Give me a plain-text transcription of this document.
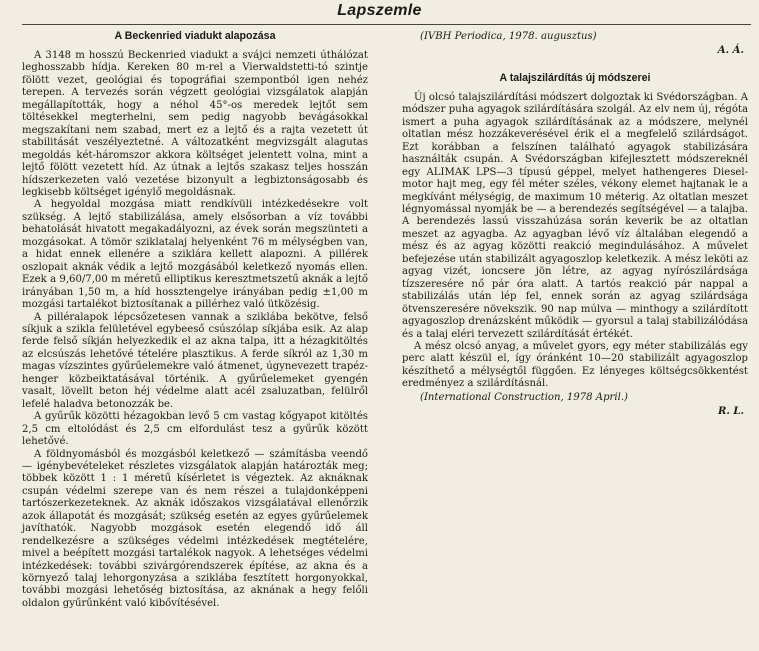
Lapszemle
A Beckenried viadukt alapozása

A 3148 m hosszú Beckenried viadukt a svájci nemzeti úthálózat leghosszabb hídja. Kereken 80 m-rel a Vierwaldstetti-tó szintje fölött vezet, geológiai és topográfiai szempontból igen nehéz terepen. A tervezés során végzett geológiai vizsgálatok alapján megállapították, hogy a néhol 45°-os meredek lejtőt sem töltésekkel megterhelni, sem pedig nagyobb bevágásokkal megszakítani nem szabad, mert ez a lejtő és a rajta vezetett út stabilitását veszélyeztetné. A változatként megvizsgált alagutas megoldás két-háromszor akkora költséget jelentett volna, mint a lejtő fölött vezetett híd. Az útnak a lejtős szakasz teljes hosszán hídszerkezeten való vezetése bizonyult a legbiztonságosabb és legkisebb költséget igénylő megoldásnak.

A hegyoldal mozgása miatt rendkívüli intézkedésekre volt szükség. A lejtő stabilizálása, amely elsősorban a víz további behatolását hivatott megakadályozni, az évek során megszünteti a mozgásokat. A tömör sziklatalaj helyenként 76 m mélységben van, a hidat ennek ellenére a sziklára kellett alapozni. A pillérek oszlopait aknák védik a lejtő mozgásából keletkező nyomás ellen. Ezek a 9,60/7,00 m méretű elliptikus keresztmetszetű aknák a lejtő irányában 1,50 m, a híd hossztengelye irányában pedig ±1,00 m mozgási tartalékot biztosítanak a pillérhez való ütközésig.

A pilléralapok lépcsőzetesen vannak a sziklába bekötve, felső síkjuk a szikla felületével egybeeső csúszólap síkjába esik. Az alap ferde felső síkján helyezkedik el az akna talpa, itt a hézagkitöltés az elcsúszás lehetővé tételére plasztikus. A ferde síkról az 1,30 m magas vízszintes gyűrűelemekre való átmenet, úgynevezett trapéz-henger közbeiktatásával történik. A gyűrűelemeket gyengén vasalt, lövellt beton héj védelme alatt acél zsaluzatban, felülről lefelé haladva betonozzák be.

A gyűrűk közötti hézagokban levő 5 cm vastag kőgyapot kitöltés 2,5 cm eltolódást és 2,5 cm elfordulást tesz a gyűrűk között lehetővé.

A földnyomásból és mozgásból keletkező — számításba veendő — igénybevételeket részletes vizsgálatok alapján határozták meg; többek között 1 : 1 méretű kísérletet is végeztek. Az aknáknak csupán védelmi szerepe van és nem részei a tulajdonképpeni tartószerkezeteknek. Az aknák időszakos vizsgálatával ellenőrzik azok állapotát és mozgását; szükség esetén az egyes gyűrűelemek javíthatók. Nagyobb mozgások esetén elegendő idő áll rendelkezésre a szükséges védelmi intézkedések megtételére, mivel a beépített mozgási tartalékok nagyok. A lehetséges védelmi intézkedések: további szivárgórendszerek építése, az akna és a környező talaj lehorgonyzása a sziklába fesztített horgonyokkal, további mozgási lehetőség biztosítása, az aknának a hegy felőli oldalon gyűrűnként való kibővítésével.

(IVBH Periodica, 1978. augusztus)

A. Á.
A talajszilárdítás új módszerei

Új olcsó talajszilárdítási módszert dolgoztak ki Svédországban. A módszer puha agyagok szilárdítására szolgál. Az elv nem új, régóta ismert a puha agyagok szilárdításának az a módszere, melynél oltatlan mész hozzákeverésével érik el a megfelelő szilárdságot. Ezt korábban a felszínen található agyagok stabilizására használták csupán. A Svédországban kifejlesztett módszereknél egy ALIMAK LPS—3 típusú géppel, melyet hathengeres Diesel-motor hajt meg, egy fél méter széles, vékony elemet hajtanak le a megkívánt mélységig, de maximum 10 méterig. Az oltatlan meszet légnyomással nyomják be — a berendezés segítségével — a talajba. A berendezés lassú visszahúzása során keverik be az oltatlan meszet az agyagba. Az agyagban lévő víz általában elegendő a mész és az agyag közötti reakció megindulásához. A művelet befejezése után stabilizált agyagoszlop keletkezik. A mész leköti az agyag vizét, ioncsere jön létre, az agyag nyírószilárdsága tízszeresére nő pár óra alatt. A tartós reakció pár nappal a stabilizálás után lép fel, ennek során az agyag szilárdsága ötvenszeresére növekszik. 90 nap múlva — minthogy a szilárdított agyagoszlop drenázsként működik — gyorsul a talaj stabilizálódása és a talaj eléri tervezett szilárdítását értékét.

A mész olcsó anyag, a művelet gyors, egy méter stabilizálás egy perc alatt készül el, így óránként 10—20 stabilizált agyagoszlop készíthető a mélységtől függően. Ez lényeges költségcsökkentést eredményez a szilárdításnál.

(International Construction, 1978 April.)

R. L.
